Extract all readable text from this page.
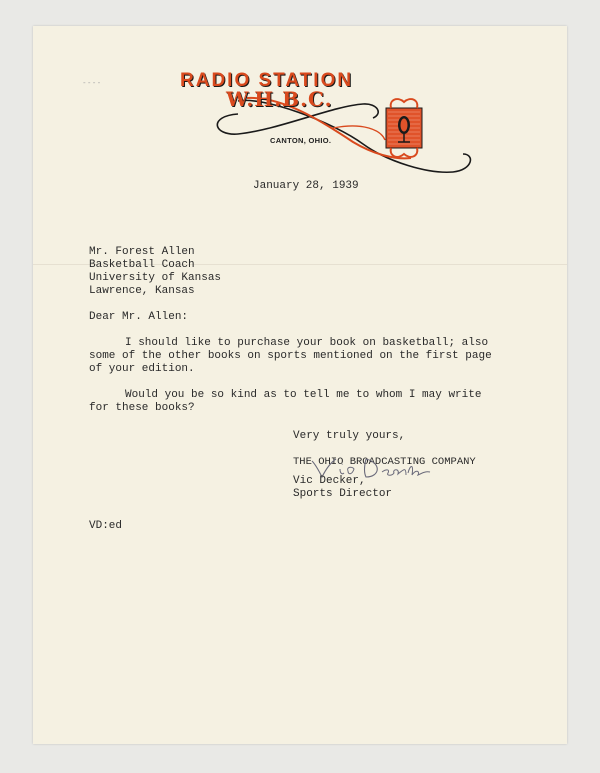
- - - -	RADIO STATION
W.H.B.C.
CANTON, OHIO.
January 28, 1939
Mr. Forest Allen
Basketball Coach
University of Kansas
Lawrence, Kansas
Dear Mr. Allen:
I should like to purchase your book on basketball; also
some of the other books on sports mentioned on the first page
of your edition.
Would you be so kind as to tell me to whom I may write
for these books?
Very truly yours,
THE OHIO BROADCASTING COMPANY
Vic Decker,
Sports Director
VD:ed
